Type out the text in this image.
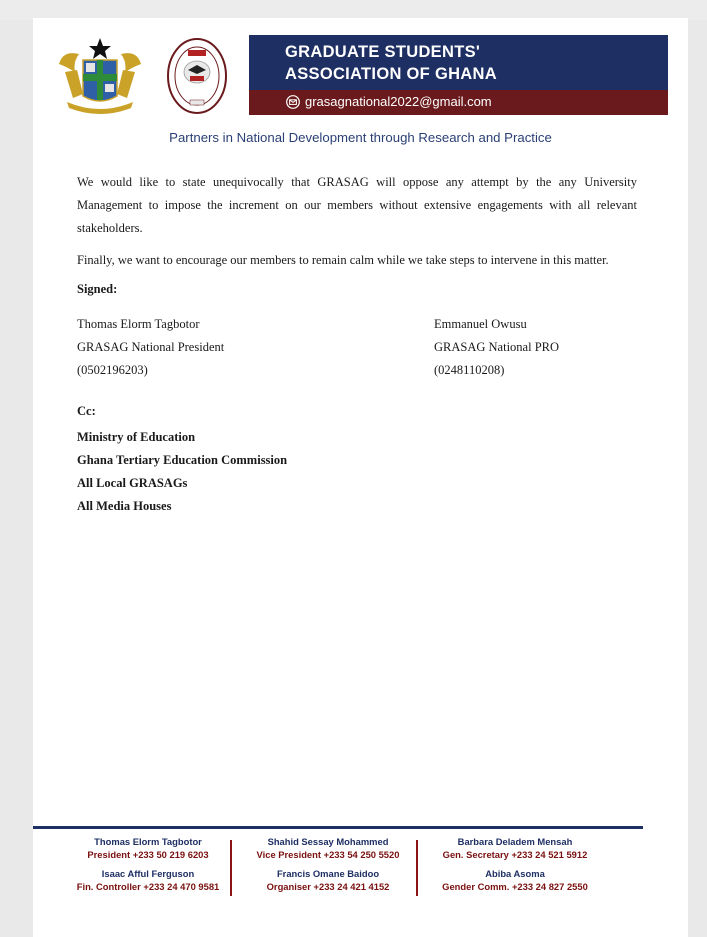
GRADUATE STUDENTS'
ASSOCIATION OF GHANA
grasagnational2022@gmail.com
Partners in National Development through Research and Practice
We would like to state unequivocally that GRASAG will oppose any attempt by the any University Management to impose the increment on our members without extensive engagements with all relevant stakeholders.
Finally, we want to encourage our members to remain calm while we take steps to intervene in this matter.
Signed:
Thomas Elorm Tagbotor
GRASAG National President
(0502196203)
Emmanuel Owusu
GRASAG National PRO
(0248110208)
Cc:
Ministry of Education
Ghana Tertiary Education Commission
All Local GRASAGs
All Media Houses
Thomas Elorm Tagbotor
President +233 50 219 6203
Isaac Afful Ferguson
Fin. Controller +233 24 470 9581
Shahid Sessay Mohammed
Vice President +233 54 250 5520
Francis Omane Baidoo
Organiser +233 24 421 4152
Barbara Deladem Mensah
Gen. Secretary +233 24 521 5912
Abiba Asoma
Gender Comm. +233 24 827 2550
